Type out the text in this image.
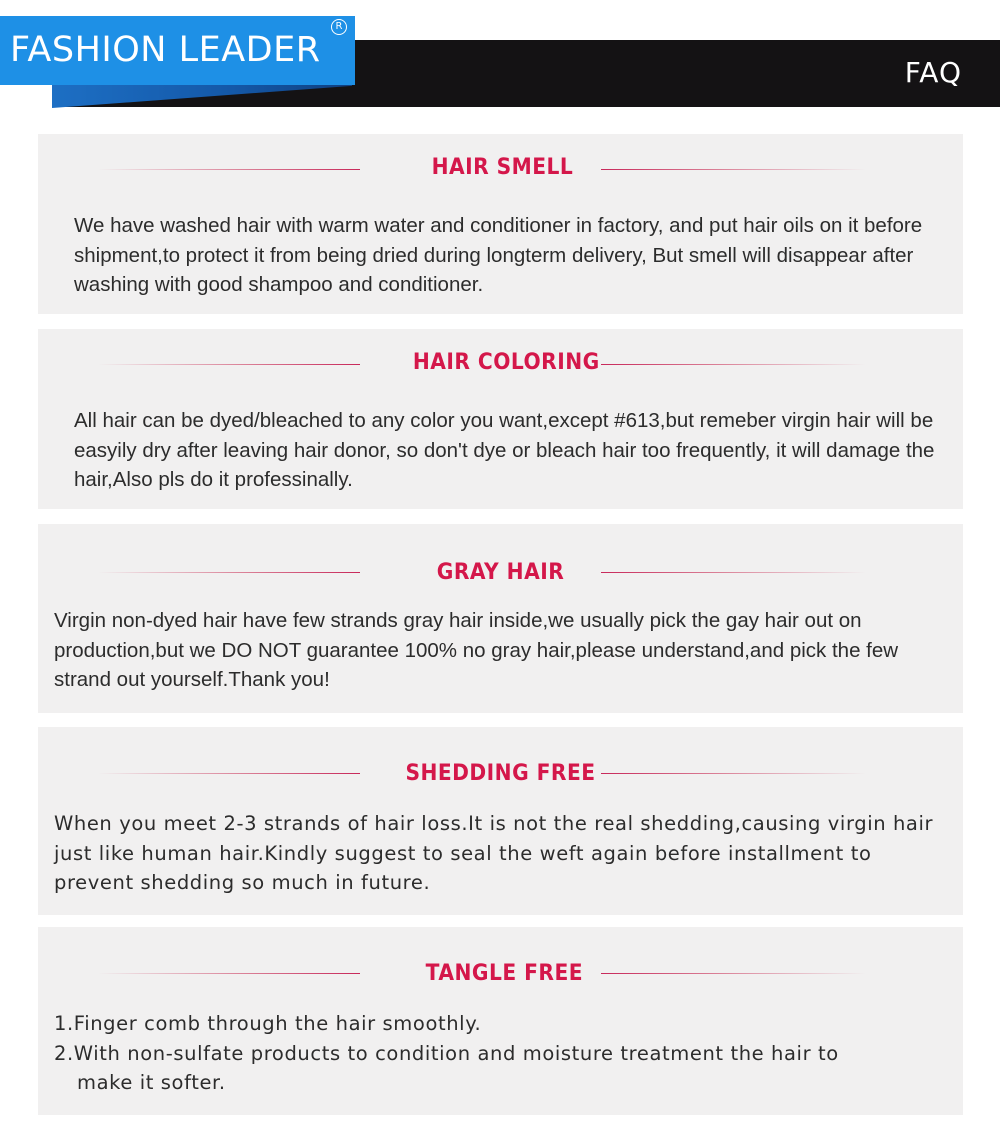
FAQ
FASHION LEADER
R
HAIR SMELL

We have washed hair with warm water and conditioner in factory, and put hair oils on it before shipment,to protect it from being dried during longterm delivery, But smell will disappear after washing with good shampoo and conditioner.

HAIR COLORING

All hair can be dyed/bleached to any color you want,except #613,but remeber virgin hair will be easyily dry after leaving hair donor, so don't dye or bleach hair too frequently, it will damage the hair,Also pls do it professinally.

GRAY HAIR

Virgin non-dyed hair have few strands gray hair inside,we usually pick the gay hair out on production,but we DO NOT guarantee 100% no gray hair,please understand,and pick the few strand out yourself.Thank you!

SHEDDING FREE

When you meet 2-3 strands of hair loss.It is not the real shedding,causing virgin hair just like human hair.Kindly suggest to seal the weft again before installment to prevent shedding so much in future.

TANGLE FREE
1.Finger comb through the hair smoothly.
2.With non-sulfate products to condition and moisture treatment the hair to
make it softer.
